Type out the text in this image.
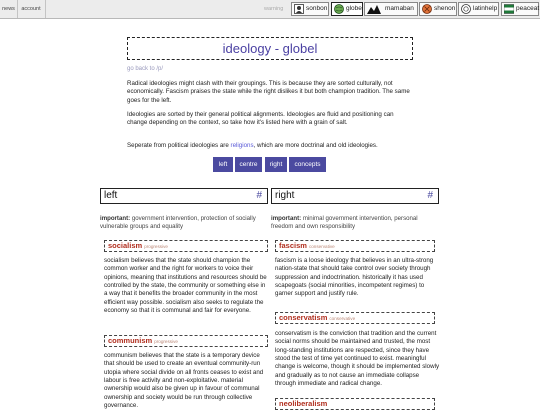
news	account	warning	sonbon	globel	mamaban	shenon	latinhelp	peaceat
ideology - globel
go back to /p/

Radical ideologies might clash with their groupings. This is because they are sorted culturally, not economically. Fascism praises the state while the right dislikes it but both champion tradition. The same goes for the left.

Ideologies are sorted by their general political alignments. Ideologies are fluid and positioning can change depending on the context, so take how it's listed here with a grain of salt.

Seperate from political ideologies are religions, which are more doctrinal and old ideologies.

left	centre	right	concepts
left	#

important: government intervention, protection of socially vulnerable groups and equality

socialism progressive

socialism believes that the state should champion the common worker and the right for workers to voice their opinions, meaning that institutions and resources should be controlled by the state, the community or something else in a way that it benefits the broader community in the most efficient way possible. socialism also seeks to regulate the economy so that it is communal and fair for everyone.

communism progressive

communism believes that the state is a temporary device that should be used to create an eventual community-run utopia where social divide on all fronts ceases to exist and labour is free activity and non-exploitative. material ownership would also be given up in favour of communal ownership and society would be run through collective governance.

right	#

important: minimal government intervention, personal freedom and own responsibility

fascism conservative

fascism is a loose ideology that believes in an ultra-strong nation-state that should take control over society through suppression and indoctrination. historically it has used scapegoats (social minorities, incompetent regimes) to garner support and justify rule.

conservatism conservative

conservatism is the conviction that tradition and the current social norms should be maintained and trusted, the most long-standing institutions are respected, since they have stood the test of time yet continued to exist. meaningful change is welcome, though it should be implemented slowly and gradually as to not cause an immediate collapse through immediate and radical change.

neoliberalism
